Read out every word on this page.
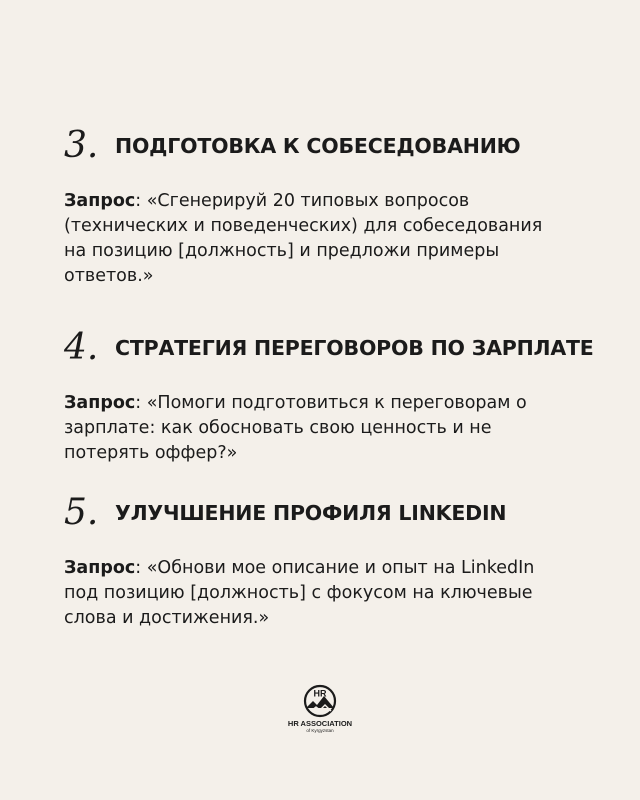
3. ПОДГОТОВКА К СОБЕСЕДОВАНИЮ
Запрос: «Сгенерируй 20 типовых вопросов (технических и поведенческих) для собеседования на позицию [должность] и предложи примеры ответов.»
4. СТРАТЕГИЯ ПЕРЕГОВОРОВ ПО ЗАРПЛАТЕ
Запрос: «Помоги подготовиться к переговорам о зарплате: как обосновать свою ценность и не потерять оффер?»
5. УЛУЧШЕНИЕ ПРОФИЛЯ LINKEDIN
Запрос: «Обнови мое описание и опыт на LinkedIn под позицию [должность] с фокусом на ключевые слова и достижения.»
HR
HR ASSOCIATION
of Kyrgyzstan
